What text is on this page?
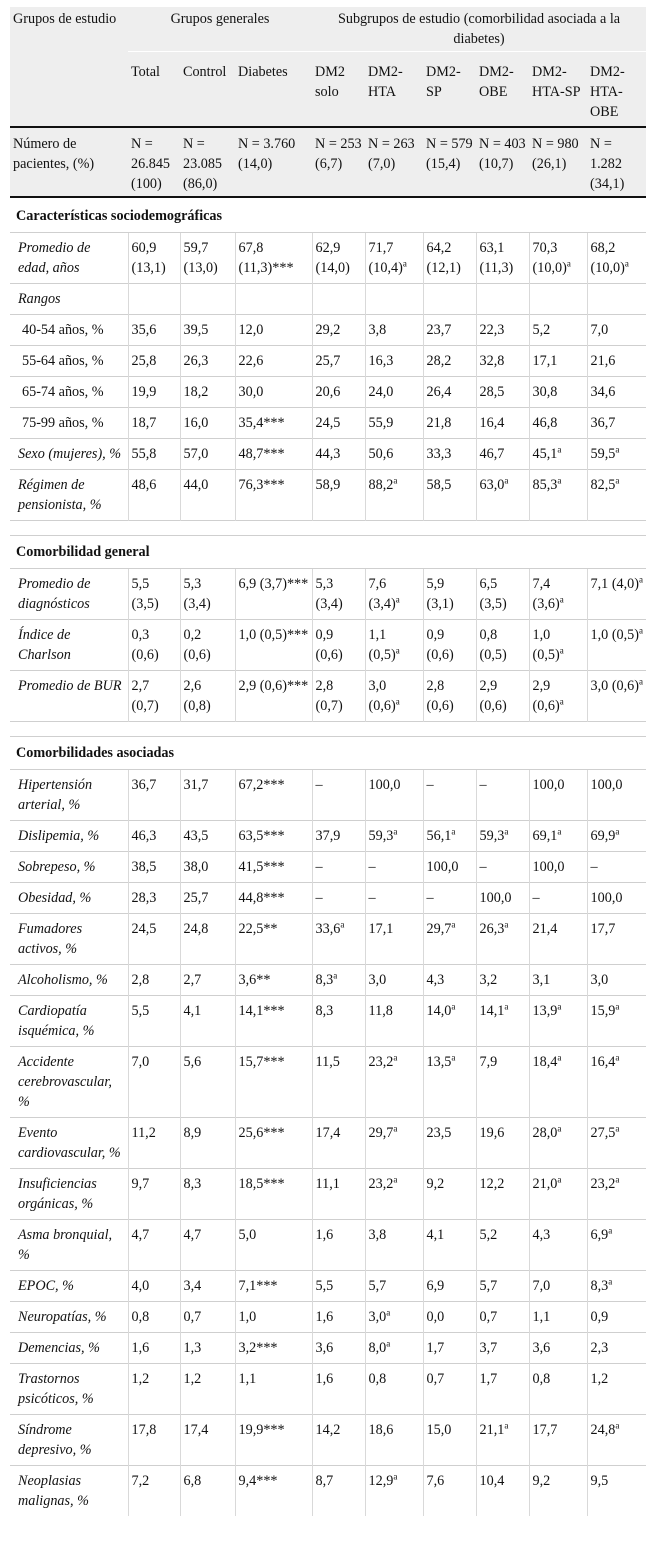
Grupos de estudio	Grupos generales			Subgrupos de estudio (comorbilidad asociada a la diabetes)					
	Total	Control	Diabetes	DM2 solo	DM2-HTA	DM2-SP	DM2-OBE	DM2-HTA-SP	DM2-HTA-OBE
Número de pacientes, (%)	N = 26.845 (100)	N = 23.085 (86,0)	N = 3.760 (14,0)	N = 253 (6,7)	N = 263 (7,0)	N = 579 (15,4)	N = 403 (10,7)	N = 980 (26,1)	N = 1.282 (34,1)
Características sociodemográficas									
Promedio de edad, años	60,9 (13,1)	59,7 (13,0)	67,8 (11,3)***	62,9 (14,0)	71,7 $(10,4)^a$	64,2 (12,1)	63,1 (11,3)	70,3 $(10,0)^a$	68,2 $(10,0)^a$
Rangos									
40-54 años, %	35,6	39,5	12,0	29,2	3,8	23,7	22,3	5,2	7,0
55-64 años, %	25,8	26,3	22,6	25,7	16,3	28,2	32,8	17,1	21,6
65-74 años, %	19,9	18,2	30,0	20,6	24,0	26,4	28,5	30,8	34,6
75-99 años, %	18,7	16,0	35,4***	24,5	55,9	21,8	16,4	46,8	36,7
Sexo (mujeres), %	55,8	57,0	48,7***	44,3	50,6	33,3	46,7	45,1$^a$	59,5$^a$
Régimen de pensionista, %	48,6	44,0	76,3***	58,9	88,2$^a$	58,5	63,0$^a$	85,3$^a$	82,5$^a$

Comorbilidad general									
Promedio de diagnósticos	5,5 (3,5)	5,3 (3,4)	6,9 (3,7)***	5,3 (3,4)	7,6 $(3,4)^a$	5,9 (3,1)	6,5 (3,5)	7,4 $(3,6)^a$	7,1 $(4,0)^a$
Índice de Charlson	0,3 (0,6)	0,2 (0,6)	1,0 (0,5)***	0,9 (0,6)	1,1 $(0,5)^a$	0,9 (0,6)	0,8 (0,5)	1,0 $(0,5)^a$	1,0 $(0,5)^a$
Promedio de BUR	2,7 (0,7)	2,6 (0,8)	2,9 (0,6)***	2,8 (0,7)	3,0 $(0,6)^a$	2,8 (0,6)	2,9 (0,6)	2,9 $(0,6)^a$	3,0 $(0,6)^a$

Comorbilidades asociadas									
Hipertensión arterial, %	36,7	31,7	67,2***	–	100,0	–	–	100,0	100,0
Dislipemia, %	46,3	43,5	63,5***	37,9	59,3$^a$	56,1$^a$	59,3$^a$	69,1$^a$	69,9$^a$
Sobrepeso, %	38,5	38,0	41,5***	–	–	100,0	–	100,0	–
Obesidad, %	28,3	25,7	44,8***	–	–	–	100,0	–	100,0
Fumadores activos, %	24,5	24,8	22,5**	33,6$^a$	17,1	29,7$^a$	26,3$^a$	21,4	17,7
Alcoholismo, %	2,8	2,7	3,6**	8,3$^a$	3,0	4,3	3,2	3,1	3,0
Cardiopatía isquémica, %	5,5	4,1	14,1***	8,3	11,8	14,0$^a$	14,1$^a$	13,9$^a$	15,9$^a$
Accidente cerebrovascular, %	7,0	5,6	15,7***	11,5	23,2$^a$	13,5$^a$	7,9	18,4$^a$	16,4$^a$
Evento cardiovascular, %	11,2	8,9	25,6***	17,4	29,7$^a$	23,5	19,6	28,0$^a$	27,5$^a$
Insuficiencias orgánicas, %	9,7	8,3	18,5***	11,1	23,2$^a$	9,2	12,2	21,0$^a$	23,2$^a$
Asma bronquial, %	4,7	4,7	5,0	1,6	3,8	4,1	5,2	4,3	6,9$^a$
EPOC, %	4,0	3,4	7,1***	5,5	5,7	6,9	5,7	7,0	8,3$^a$
Neuropatías, %	0,8	0,7	1,0	1,6	3,0$^a$	0,0	0,7	1,1	0,9
Demencias, %	1,6	1,3	3,2***	3,6	8,0$^a$	1,7	3,7	3,6	2,3
Trastornos psicóticos, %	1,2	1,2	1,1	1,6	0,8	0,7	1,7	0,8	1,2
Síndrome depresivo, %	17,8	17,4	19,9***	14,2	18,6	15,0	21,1$^a$	17,7	24,8$^a$
Neoplasias malignas, %	7,2	6,8	9,4***	8,7	12,9$^a$	7,6	10,4	9,2	9,5
